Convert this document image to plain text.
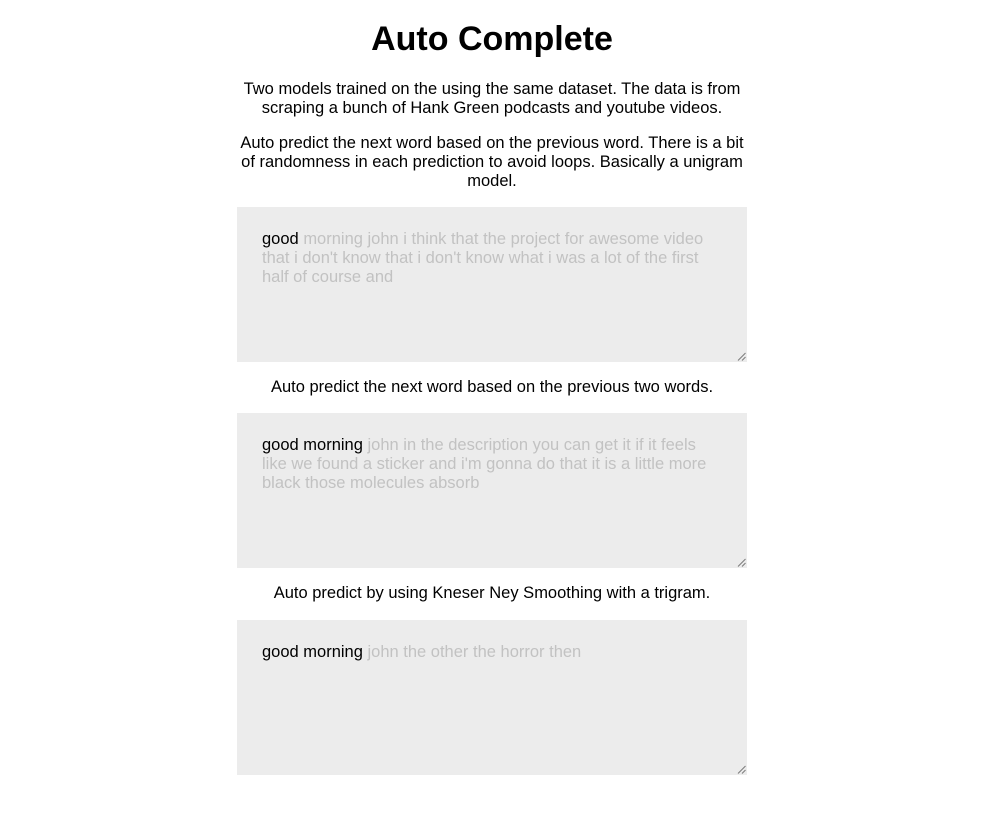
Auto Complete

Two models trained on the using the same dataset. The data is from scraping a bunch of Hank Green podcasts and youtube videos.

Auto predict the next word based on the previous word. There is a bit of randomness in each prediction to avoid loops. Basically a unigram model.

good morning john i think that the project for awesome video that i don't know that i don't know what i was a lot of the first half of course and

Auto predict the next word based on the previous two words.

good morning john in the description you can get it if it feels like we found a sticker and i'm gonna do that it is a little more black those molecules absorb

Auto predict by using Kneser Ney Smoothing with a trigram.

good morning john the other the horror then
